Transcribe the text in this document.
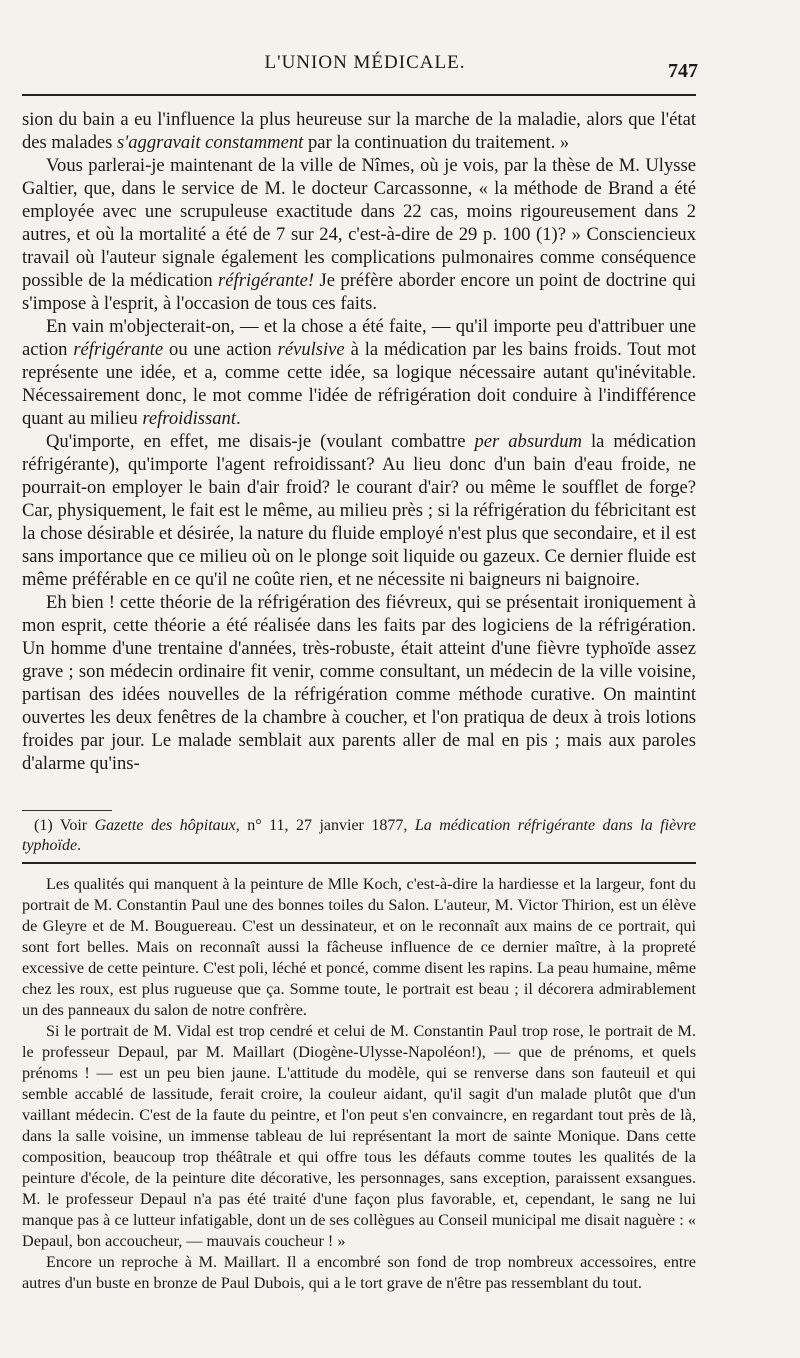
L'UNION MÉDICALE.	747

sion du bain a eu l'influence la plus heureuse sur la marche de la maladie, alors que l'état des malades s'aggravait constamment par la continuation du traitement. »

Vous parlerai-je maintenant de la ville de Nîmes, où je vois, par la thèse de M. Ulysse Galtier, que, dans le service de M. le docteur Carcassonne, « la méthode de Brand a été employée avec une scrupuleuse exactitude dans 22 cas, moins rigoureusement dans 2 autres, et où la mortalité a été de 7 sur 24, c'est-à-dire de 29 p. 100 (1)? » Consciencieux travail où l'auteur signale également les complications pulmonaires comme conséquence possible de la médication réfrigérante! Je préfère aborder encore un point de doctrine qui s'impose à l'esprit, à l'occasion de tous ces faits.

En vain m'objecterait-on, — et la chose a été faite, — qu'il importe peu d'attribuer une action réfrigérante ou une action révulsive à la médication par les bains froids. Tout mot représente une idée, et a, comme cette idée, sa logique nécessaire autant qu'inévitable. Nécessairement donc, le mot comme l'idée de réfrigération doit conduire à l'indifférence quant au milieu refroidissant.

Qu'importe, en effet, me disais-je (voulant combattre per absurdum la médication réfrigérante), qu'importe l'agent refroidissant? Au lieu donc d'un bain d'eau froide, ne pourrait-on employer le bain d'air froid? le courant d'air? ou même le soufflet de forge? Car, physiquement, le fait est le même, au milieu près ; si la réfrigération du fébricitant est la chose désirable et désirée, la nature du fluide employé n'est plus que secondaire, et il est sans importance que ce milieu où on le plonge soit liquide ou gazeux. Ce dernier fluide est même préférable en ce qu'il ne coûte rien, et ne nécessite ni baigneurs ni baignoire.

Eh bien ! cette théorie de la réfrigération des fiévreux, qui se présentait ironiquement à mon esprit, cette théorie a été réalisée dans les faits par des logiciens de la réfrigération. Un homme d'une trentaine d'années, très-robuste, était atteint d'une fièvre typhoïde assez grave ; son médecin ordinaire fit venir, comme consultant, un médecin de la ville voisine, partisan des idées nouvelles de la réfrigération comme méthode curative. On maintint ouvertes les deux fenêtres de la chambre à coucher, et l'on pratiqua de deux à trois lotions froides par jour. Le malade semblait aux parents aller de mal en pis ; mais aux paroles d'alarme qu'ins-

(1) Voir Gazette des hôpitaux, n° 11, 27 janvier 1877, La médication réfrigérante dans la fièvre typhoïde.

Les qualités qui manquent à la peinture de Mlle Koch, c'est-à-dire la hardiesse et la largeur, font du portrait de M. Constantin Paul une des bonnes toiles du Salon. L'auteur, M. Victor Thirion, est un élève de Gleyre et de M. Bouguereau. C'est un dessinateur, et on le reconnaît aux mains de ce portrait, qui sont fort belles. Mais on reconnaît aussi la fâcheuse influence de ce dernier maître, à la propreté excessive de cette peinture. C'est poli, léché et poncé, comme disent les rapins. La peau humaine, même chez les roux, est plus rugueuse que ça. Somme toute, le portrait est beau ; il décorera admirablement un des panneaux du salon de notre confrère.

Si le portrait de M. Vidal est trop cendré et celui de M. Constantin Paul trop rose, le portrait de M. le professeur Depaul, par M. Maillart (Diogène-Ulysse-Napoléon!), — que de prénoms, et quels prénoms ! — est un peu bien jaune. L'attitude du modèle, qui se renverse dans son fauteuil et qui semble accablé de lassitude, ferait croire, la couleur aidant, qu'il sagit d'un malade plutôt que d'un vaillant médecin. C'est de la faute du peintre, et l'on peut s'en convaincre, en regardant tout près de là, dans la salle voisine, un immense tableau de lui représentant la mort de sainte Monique. Dans cette composition, beaucoup trop théâtrale et qui offre tous les défauts comme toutes les qualités de la peinture d'école, de la peinture dite décorative, les personnages, sans exception, paraissent exsangues. M. le professeur Depaul n'a pas été traité d'une façon plus favorable, et, cependant, le sang ne lui manque pas à ce lutteur infatigable, dont un de ses collègues au Conseil municipal me disait naguère : « Depaul, bon accoucheur, — mauvais coucheur ! »

Encore un reproche à M. Maillart. Il a encombré son fond de trop nombreux accessoires, entre autres d'un buste en bronze de Paul Dubois, qui a le tort grave de n'être pas ressemblant du tout.
